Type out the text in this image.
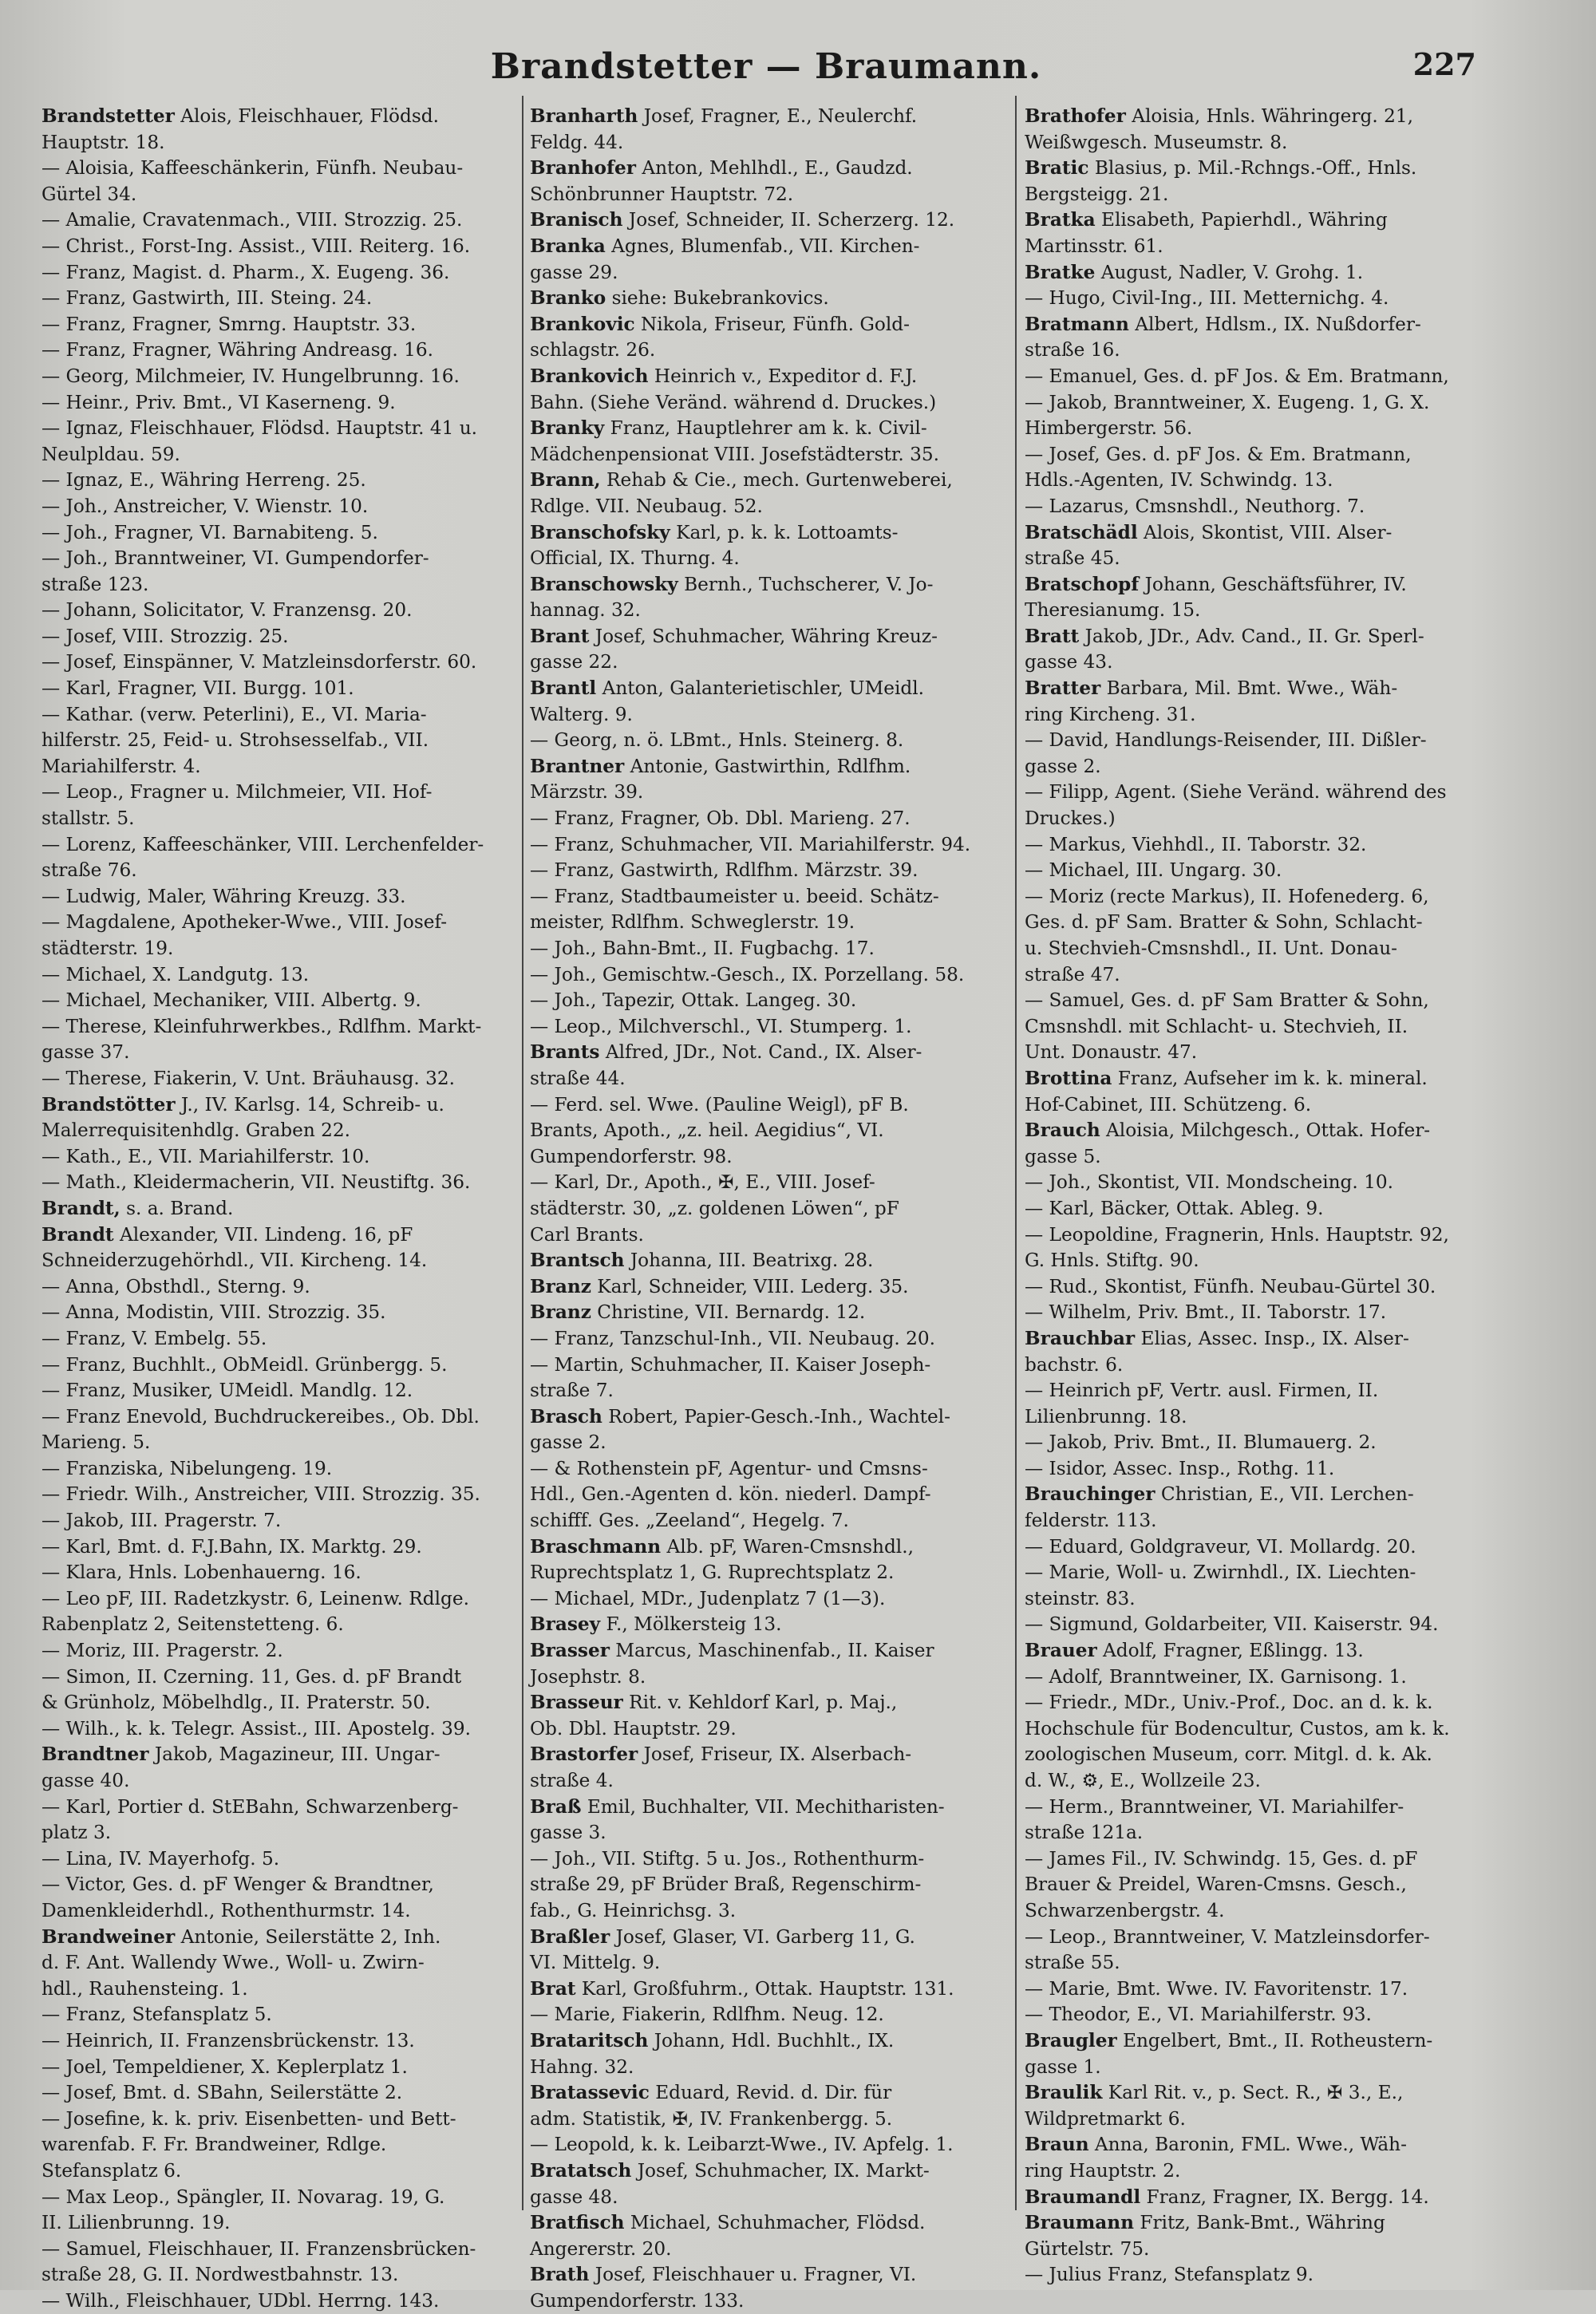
Brandstetter — Braumann.	227
Brandstetter Alois, Fleischhauer, Flödsd.
Hauptstr. 18.
— Aloisia, Kaffeeschänkerin, Fünfh. Neubau-
Gürtel 34.
— Amalie, Cravatenmach., VIII. Strozzig. 25.
— Christ., Forst-Ing. Assist., VIII. Reiterg. 16.
— Franz, Magist. d. Pharm., X. Eugeng. 36.
— Franz, Gastwirth, III. Steing. 24.
— Franz, Fragner, Smrng. Hauptstr. 33.
— Franz, Fragner, Währing Andreasg. 16.
— Georg, Milchmeier, IV. Hungelbrunng. 16.
— Heinr., Priv. Bmt., VI Kaserneng. 9.
— Ignaz, Fleischhauer, Flödsd. Hauptstr. 41 u.
Neulpldau. 59.
— Ignaz, E., Währing Herreng. 25.
— Joh., Anstreicher, V. Wienstr. 10.
— Joh., Fragner, VI. Barnabiteng. 5.
— Joh., Branntweiner, VI. Gumpendorfer-
straße 123.
— Johann, Solicitator, V. Franzensg. 20.
— Josef, VIII. Strozzig. 25.
— Josef, Einspänner, V. Matzleinsdorferstr. 60.
— Karl, Fragner, VII. Burgg. 101.
— Kathar. (verw. Peterlini), E., VI. Maria-
hilferstr. 25, Feid- u. Strohsesselfab., VII.
Mariahilferstr. 4.
— Leop., Fragner u. Milchmeier, VII. Hof-
stallstr. 5.
— Lorenz, Kaffeeschänker, VIII. Lerchenfelder-
straße 76.
— Ludwig, Maler, Währing Kreuzg. 33.
— Magdalene, Apotheker-Wwe., VIII. Josef-
städterstr. 19.
— Michael, X. Landgutg. 13.
— Michael, Mechaniker, VIII. Albertg. 9.
— Therese, Kleinfuhrwerkbes., Rdlfhm. Markt-
gasse 37.
— Therese, Fiakerin, V. Unt. Bräuhausg. 32.
Brandstötter J., IV. Karlsg. 14, Schreib- u.
Malerrequisitenhdlg. Graben 22.
— Kath., E., VII. Mariahilferstr. 10.
— Math., Kleidermacherin, VII. Neustiftg. 36.
Brandt, s. a. Brand.
Brandt Alexander, VII. Lindeng. 16, pF
Schneiderzugehörhdl., VII. Kircheng. 14.
— Anna, Obsthdl., Sterng. 9.
— Anna, Modistin, VIII. Strozzig. 35.
— Franz, V. Embelg. 55.
— Franz, Buchhlt., ObMeidl. Grünbergg. 5.
— Franz, Musiker, UMeidl. Mandlg. 12.
— Franz Enevold, Buchdruckereibes., Ob. Dbl.
Marieng. 5.
— Franziska, Nibelungeng. 19.
— Friedr. Wilh., Anstreicher, VIII. Strozzig. 35.
— Jakob, III. Pragerstr. 7.
— Karl, Bmt. d. F.J.Bahn, IX. Marktg. 29.
— Klara, Hnls. Lobenhauerng. 16.
— Leo pF, III. Radetzkystr. 6, Leinenw. Rdlge.
Rabenplatz 2, Seitenstetteng. 6.
— Moriz, III. Pragerstr. 2.
— Simon, II. Czerning. 11, Ges. d. pF Brandt
& Grünholz, Möbelhdlg., II. Praterstr. 50.
— Wilh., k. k. Telegr. Assist., III. Apostelg. 39.
Brandtner Jakob, Magazineur, III. Ungar-
gasse 40.
— Karl, Portier d. StEBahn, Schwarzenberg-
platz 3.
— Lina, IV. Mayerhofg. 5.
— Victor, Ges. d. pF Wenger & Brandtner,
Damenkleiderhdl., Rothenthurmstr. 14.
Brandweiner Antonie, Seilerstätte 2, Inh.
d. F. Ant. Wallendy Wwe., Woll- u. Zwirn-
hdl., Rauhensteing. 1.
— Franz, Stefansplatz 5.
— Heinrich, II. Franzensbrückenstr. 13.
— Joel, Tempeldiener, X. Keplerplatz 1.
— Josef, Bmt. d. SBahn, Seilerstätte 2.
— Josefine, k. k. priv. Eisenbetten- und Bett-
warenfab. F. Fr. Brandweiner, Rdlge.
Stefansplatz 6.
— Max Leop., Spängler, II. Novarag. 19, G.
II. Lilienbrunng. 19.
— Samuel, Fleischhauer, II. Franzensbrücken-
straße 28, G. II. Nordwestbahnstr. 13.
— Wilh., Fleischhauer, UDbl. Herrng. 143.
Branharth Josef, Fragner, E., Neulerchf.
Feldg. 44.
Branhofer Anton, Mehlhdl., E., Gaudzd.
Schönbrunner Hauptstr. 72.
Branisch Josef, Schneider, II. Scherzerg. 12.
Branka Agnes, Blumenfab., VII. Kirchen-
gasse 29.
Branko siehe: Bukebrankovics.
Brankovic Nikola, Friseur, Fünfh. Gold-
schlagstr. 26.
Brankovich Heinrich v., Expeditor d. F.J.
Bahn. (Siehe Veränd. während d. Druckes.)
Branky Franz, Hauptlehrer am k. k. Civil-
Mädchenpensionat VIII. Josefstädterstr. 35.
Brann, Rehab & Cie., mech. Gurtenweberei,
Rdlge. VII. Neubaug. 52.
Branschofsky Karl, p. k. k. Lottoamts-
Official, IX. Thurng. 4.
Branschowsky Bernh., Tuchscherer, V. Jo-
hannag. 32.
Brant Josef, Schuhmacher, Währing Kreuz-
gasse 22.
Brantl Anton, Galanterietischler, UMeidl.
Walterg. 9.
— Georg, n. ö. LBmt., Hnls. Steinerg. 8.
Brantner Antonie, Gastwirthin, Rdlfhm.
Märzstr. 39.
— Franz, Fragner, Ob. Dbl. Marieng. 27.
— Franz, Schuhmacher, VII. Mariahilferstr. 94.
— Franz, Gastwirth, Rdlfhm. Märzstr. 39.
— Franz, Stadtbaumeister u. beeid. Schätz-
meister, Rdlfhm. Schweglerstr. 19.
— Joh., Bahn-Bmt., II. Fugbachg. 17.
— Joh., Gemischtw.-Gesch., IX. Porzellang. 58.
— Joh., Tapezir, Ottak. Langeg. 30.
— Leop., Milchverschl., VI. Stumperg. 1.
Brants Alfred, JDr., Not. Cand., IX. Alser-
straße 44.
— Ferd. sel. Wwe. (Pauline Weigl), pF B.
Brants, Apoth., „z. heil. Aegidius“, VI.
Gumpendorferstr. 98.
— Karl, Dr., Apoth., ✠, E., VIII. Josef-
städterstr. 30, „z. goldenen Löwen“, pF
Carl Brants.
Brantsch Johanna, III. Beatrixg. 28.
Branz Karl, Schneider, VIII. Lederg. 35.
Branz Christine, VII. Bernardg. 12.
— Franz, Tanzschul-Inh., VII. Neubaug. 20.
— Martin, Schuhmacher, II. Kaiser Joseph-
straße 7.
Brasch Robert, Papier-Gesch.-Inh., Wachtel-
gasse 2.
— & Rothenstein pF, Agentur- und Cmsns-
Hdl., Gen.-Agenten d. kön. niederl. Dampf-
schifff. Ges. „Zeeland“, Hegelg. 7.
Braschmann Alb. pF, Waren-Cmsnshdl.,
Ruprechtsplatz 1, G. Ruprechtsplatz 2.
— Michael, MDr., Judenplatz 7 (1—3).
Brasey F., Mölkersteig 13.
Brasser Marcus, Maschinenfab., II. Kaiser
Josephstr. 8.
Brasseur Rit. v. Kehldorf Karl, p. Maj.,
Ob. Dbl. Hauptstr. 29.
Brastorfer Josef, Friseur, IX. Alserbach-
straße 4.
Braß Emil, Buchhalter, VII. Mechitharisten-
gasse 3.
— Joh., VII. Stiftg. 5 u. Jos., Rothenthurm-
straße 29, pF Brüder Braß, Regenschirm-
fab., G. Heinrichsg. 3.
Braßler Josef, Glaser, VI. Garberg 11, G.
VI. Mittelg. 9.
Brat Karl, Großfuhrm., Ottak. Hauptstr. 131.
— Marie, Fiakerin, Rdlfhm. Neug. 12.
Brataritsch Johann, Hdl. Buchhlt., IX.
Hahng. 32.
Bratassevic Eduard, Revid. d. Dir. für
adm. Statistik, ✠, IV. Frankenbergg. 5.
— Leopold, k. k. Leibarzt-Wwe., IV. Apfelg. 1.
Bratatsch Josef, Schuhmacher, IX. Markt-
gasse 48.
Bratfisch Michael, Schuhmacher, Flödsd.
Angererstr. 20.
Brath Josef, Fleischhauer u. Fragner, VI.
Gumpendorferstr. 133.
Brathofer Aloisia, Hnls. Währingerg. 21,
Weißwgesch. Museumstr. 8.
Bratic Blasius, p. Mil.-Rchngs.-Off., Hnls.
Bergsteigg. 21.
Bratka Elisabeth, Papierhdl., Währing
Martinsstr. 61.
Bratke August, Nadler, V. Grohg. 1.
— Hugo, Civil-Ing., III. Metternichg. 4.
Bratmann Albert, Hdlsm., IX. Nußdorfer-
straße 16.
— Emanuel, Ges. d. pF Jos. & Em. Bratmann,
— Jakob, Branntweiner, X. Eugeng. 1, G. X.
Himbergerstr. 56.
— Josef, Ges. d. pF Jos. & Em. Bratmann,
Hdls.-Agenten, IV. Schwindg. 13.
— Lazarus, Cmsnshdl., Neuthorg. 7.
Bratschädl Alois, Skontist, VIII. Alser-
straße 45.
Bratschopf Johann, Geschäftsführer, IV.
Theresianumg. 15.
Bratt Jakob, JDr., Adv. Cand., II. Gr. Sperl-
gasse 43.
Bratter Barbara, Mil. Bmt. Wwe., Wäh-
ring Kircheng. 31.
— David, Handlungs-Reisender, III. Dißler-
gasse 2.
— Filipp, Agent. (Siehe Veränd. während des
Druckes.)
— Markus, Viehhdl., II. Taborstr. 32.
— Michael, III. Ungarg. 30.
— Moriz (recte Markus), II. Hofenederg. 6,
Ges. d. pF Sam. Bratter & Sohn, Schlacht-
u. Stechvieh-Cmsnshdl., II. Unt. Donau-
straße 47.
— Samuel, Ges. d. pF Sam Bratter & Sohn,
Cmsnshdl. mit Schlacht- u. Stechvieh, II.
Unt. Donaustr. 47.
Brottina Franz, Aufseher im k. k. mineral.
Hof-Cabinet, III. Schützeng. 6.
Brauch Aloisia, Milchgesch., Ottak. Hofer-
gasse 5.
— Joh., Skontist, VII. Mondscheing. 10.
— Karl, Bäcker, Ottak. Ableg. 9.
— Leopoldine, Fragnerin, Hnls. Hauptstr. 92,
G. Hnls. Stiftg. 90.
— Rud., Skontist, Fünfh. Neubau-Gürtel 30.
— Wilhelm, Priv. Bmt., II. Taborstr. 17.
Brauchbar Elias, Assec. Insp., IX. Alser-
bachstr. 6.
— Heinrich pF, Vertr. ausl. Firmen, II.
Lilienbrunng. 18.
— Jakob, Priv. Bmt., II. Blumauerg. 2.
— Isidor, Assec. Insp., Rothg. 11.
Brauchinger Christian, E., VII. Lerchen-
felderstr. 113.
— Eduard, Goldgraveur, VI. Mollardg. 20.
— Marie, Woll- u. Zwirnhdl., IX. Liechten-
steinstr. 83.
— Sigmund, Goldarbeiter, VII. Kaiserstr. 94.
Brauer Adolf, Fragner, Eßlingg. 13.
— Adolf, Branntweiner, IX. Garnisong. 1.
— Friedr., MDr., Univ.-Prof., Doc. an d. k. k.
Hochschule für Bodencultur, Custos, am k. k.
zoologischen Museum, corr. Mitgl. d. k. Ak.
d. W., ⚙, E., Wollzeile 23.
— Herm., Branntweiner, VI. Mariahilfer-
straße 121a.
— James Fil., IV. Schwindg. 15, Ges. d. pF
Brauer & Preidel, Waren-Cmsns. Gesch.,
Schwarzenbergstr. 4.
— Leop., Branntweiner, V. Matzleinsdorfer-
straße 55.
— Marie, Bmt. Wwe. IV. Favoritenstr. 17.
— Theodor, E., VI. Mariahilferstr. 93.
Braugler Engelbert, Bmt., II. Rotheustern-
gasse 1.
Braulik Karl Rit. v., p. Sect. R., ✠ 3., E.,
Wildpretmarkt 6.
Braun Anna, Baronin, FML. Wwe., Wäh-
ring Hauptstr. 2.
Braumandl Franz, Fragner, IX. Bergg. 14.
Braumann Fritz, Bank-Bmt., Währing
Gürtelstr. 75.
— Julius Franz, Stefansplatz 9.
